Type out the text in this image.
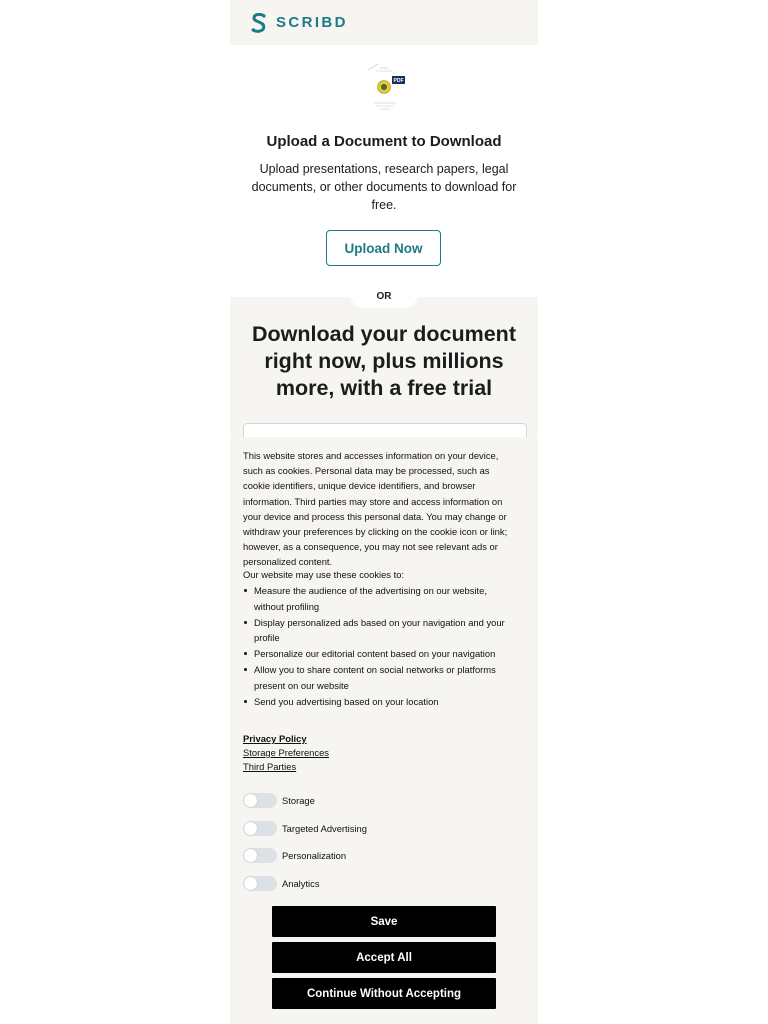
SCRIBD
PDF
Upload a Document to Download
Upload presentations, research papers, legal documents, or other documents to download for free.
Upload Now
OR
Download your document right now, plus millions more, with a free trial
This website stores and accesses information on your device, such as cookies. Personal data may be processed, such as cookie identifiers, unique device identifiers, and browser information. Third parties may store and access information on your device and process this personal data. You may change or withdraw your preferences by clicking on the cookie icon or link; however, as a consequence, you may not see relevant ads or personalized content.
Our website may use these cookies to:
Measure the audience of the advertising on our website, without profiling
Display personalized ads based on your navigation and your profile
Personalize our editorial content based on your navigation
Allow you to share content on social networks or platforms present on our website
Send you advertising based on your location
Privacy Policy
Storage Preferences
Third Parties
Storage
Targeted Advertising
Personalization
Analytics
Save
Accept All
Continue Without Accepting
